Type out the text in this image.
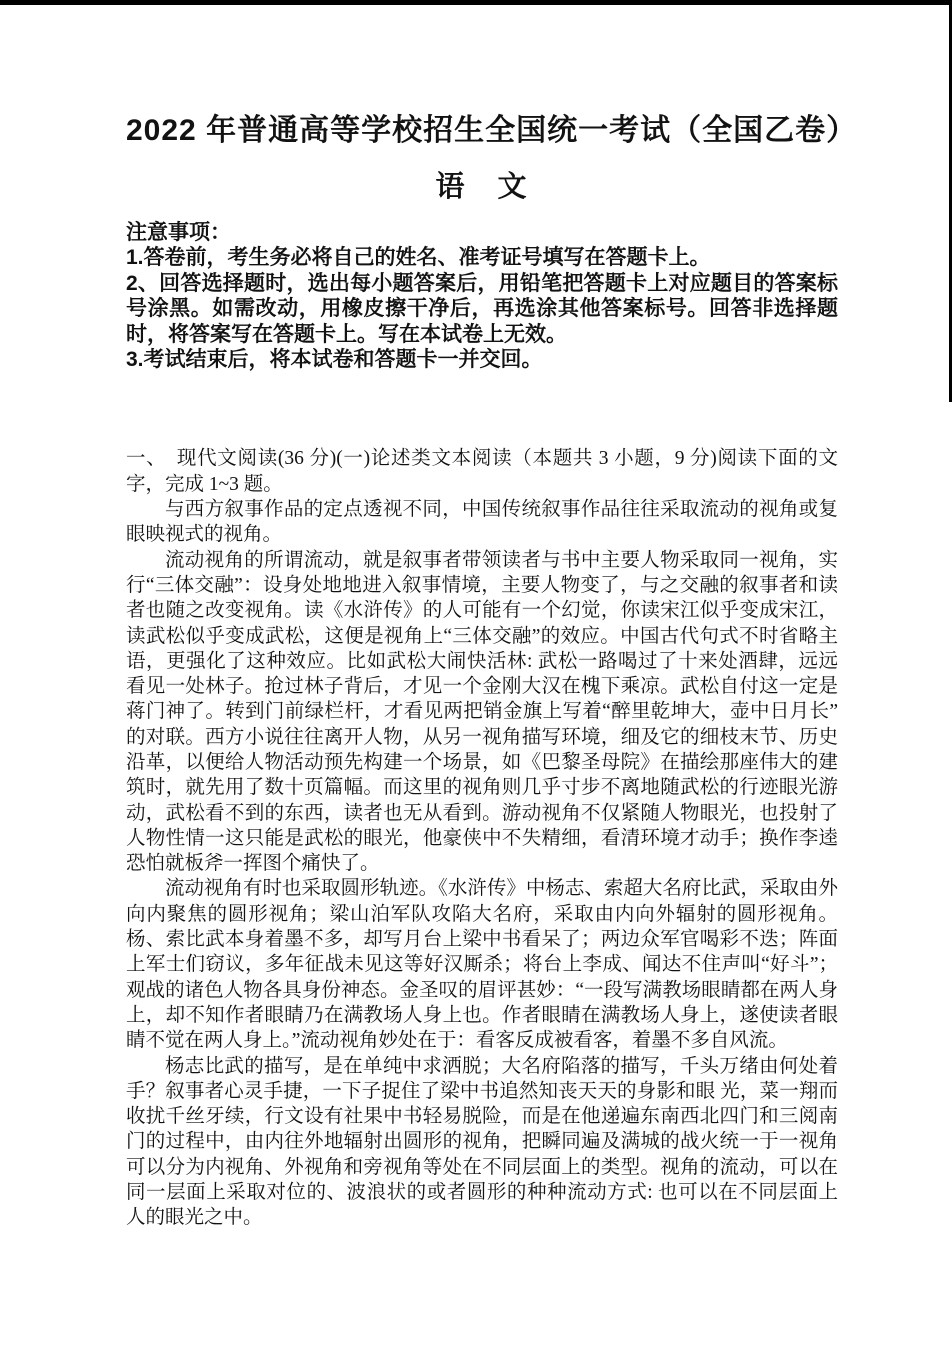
2022 年普通高等学校招生全国统一考试（全国乙卷）
语　文

注意事项：

1.答卷前，考生务必将自己的姓名、准考证号填写在答题卡上。

2、回答选择题时，选出每小题答案后，用铅笔把答题卡上对应题目的答案标号涂黑。如需改动，用橡皮擦干净后，再选涂其他答案标号。回答非选择题时，将答案写在答题卡上。写在本试卷上无效。

3.考试结束后，将本试卷和答题卡一并交回。

一、　现代文阅读(36 分)(一)论述类文本阅读（本题共 3 小题，9 分)阅读下面的文字，完成 1~3 题。

与西方叙事作品的定点透视不同，中国传统叙事作品往往采取流动的视角或复眼映视式的视角。

流动视角的所谓流动，就是叙事者带领读者与书中主要人物采取同一视角，实行“三体交融”：设身处地地进入叙事情境，主要人物变了，与之交融的叙事者和读者也随之改变视角。读《水浒传》的人可能有一个幻觉，你读宋江似乎变成宋江，读武松似乎变成武松，这便是视角上“三体交融”的效应。中国古代句式不时省略主语，更强化了这种效应。比如武松大闹快活林: 武松一路喝过了十来处酒肆，远远看见一处林子。抢过林子背后，才见一个金刚大汉在槐下乘凉。武松自付这一定是蒋门神了。转到门前绿栏杆，才看见两把销金旗上写着“醉里乾坤大，壶中日月长”的对联。西方小说往往离开人物，从另一视角描写环境，细及它的细枝末节、历史沿革，以便给人物活动预先构建一个场景，如《巴黎圣母院》在描绘那座伟大的建筑时，就先用了数十页篇幅。而这里的视角则几乎寸步不离地随武松的行迹眼光游动，武松看不到的东西，读者也无从看到。游动视角不仅紧随人物眼光，也投射了人物性情一这只能是武松的眼光，他豪侠中不失精细，看清环境才动手；换作李逵恐怕就板斧一挥图个痛快了。

流动视角有时也采取圆形轨迹。《水浒传》中杨志、索超大名府比武，采取由外向内聚焦的圆形视角；梁山泊军队攻陷大名府，采取由内向外辐射的圆形视角。杨、索比武本身着墨不多，却写月台上梁中书看呆了；两边众军官喝彩不迭；阵面上军士们窃议，多年征战未见这等好汉厮杀；将台上李成、闻达不住声叫“好斗”；观战的诸色人物各具身份神态。金圣叹的眉评甚妙：“一段写满教场眼睛都在两人身上，却不知作者眼睛乃在满教场人身上也。作者眼睛在满教场人身上，遂使读者眼睛不觉在两人身上。”流动视角妙处在于：看客反成被看客，着墨不多自风流。

杨志比武的描写，是在单纯中求洒脱；大名府陷落的描写，千头万绪由何处着手？叙事者心灵手捷，一下子捉住了梁中书追然知丧天天的身影和眼 光，菜一翔而收扰千丝牙续，行文设有社果中书轻易脱险，而是在他递遍东南西北四门和三阅南门的过程中，由内往外地辐射出圆形的视角，把瞬同遍及满城的战火统一于一视角可以分为内视角、外视角和旁视角等处在不同层面上的类型。视角的流动，可以在同一层面上采取对位的、波浪状的或者圆形的种种流动方式: 也可以在不同层面上人的眼光之中。
